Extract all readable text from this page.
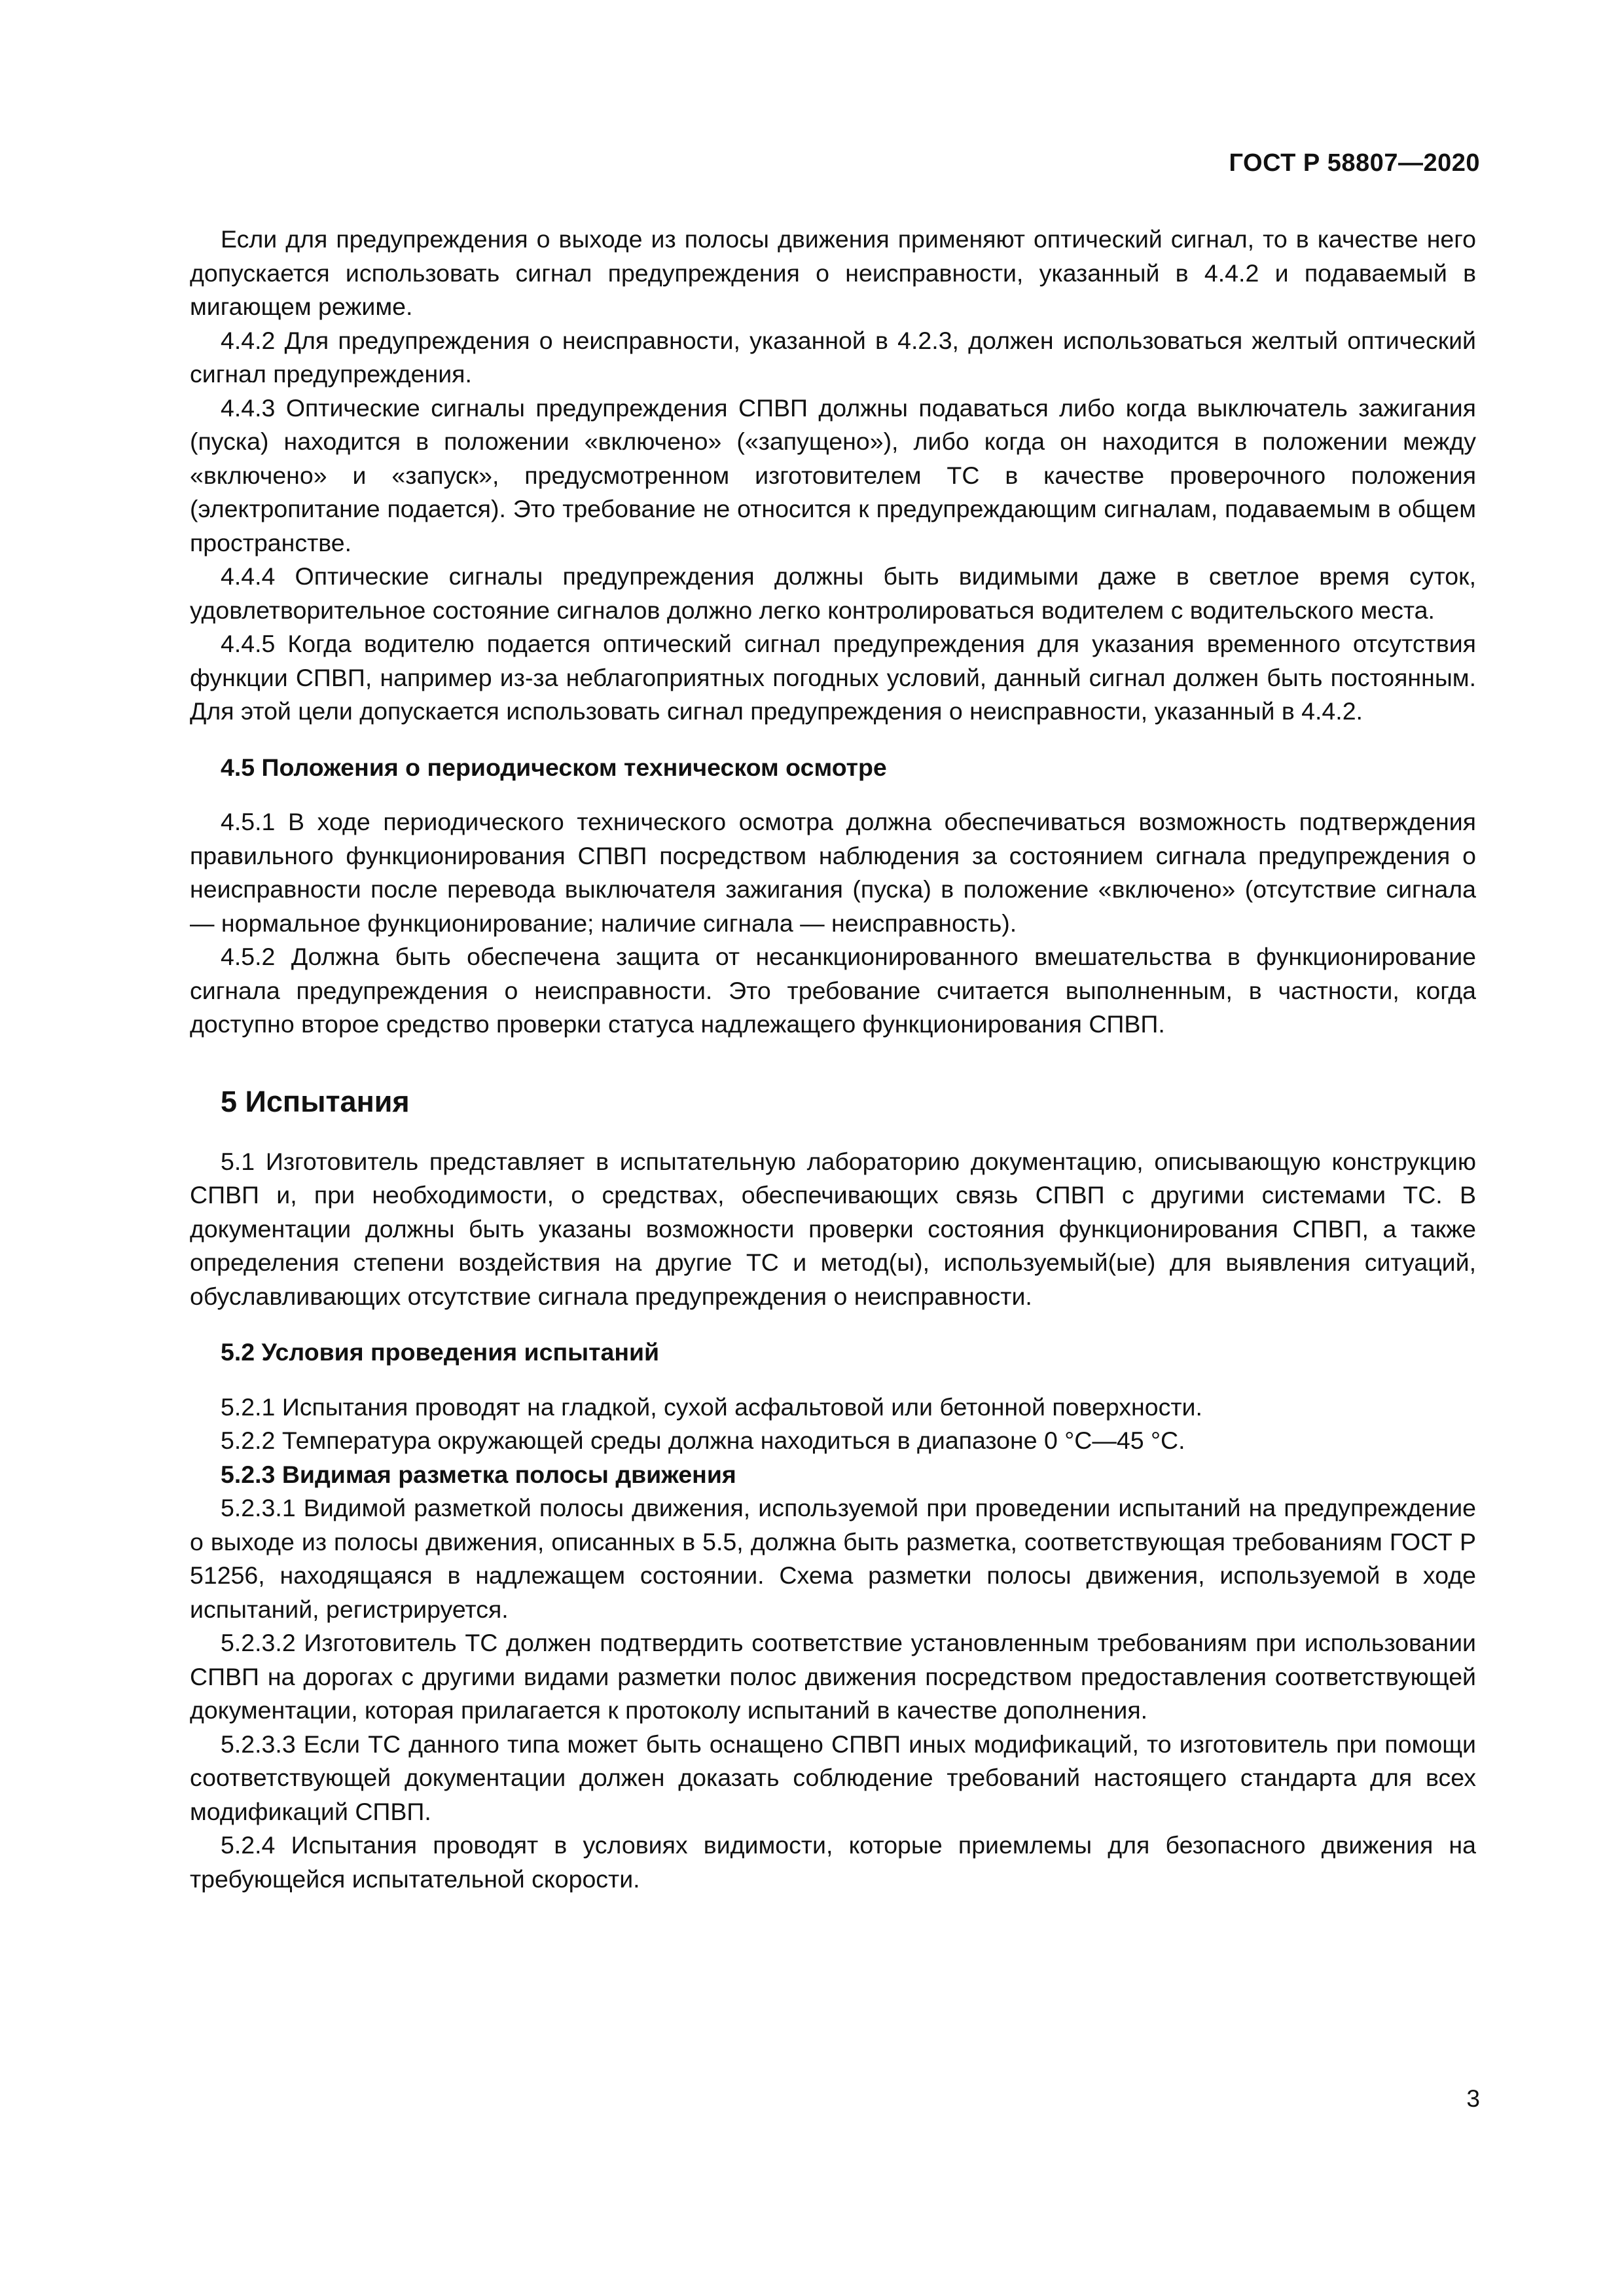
ГОСТ Р 58807—2020

Если для предупреждения о выходе из полосы движения применяют оптический сигнал, то в качестве него допускается использовать сигнал предупреждения о неисправности, указанный в 4.4.2 и подаваемый в мигающем режиме.

4.4.2 Для предупреждения о неисправности, указанной в 4.2.3, должен использоваться желтый оптический сигнал предупреждения.

4.4.3 Оптические сигналы предупреждения СПВП должны подаваться либо когда выключатель зажигания (пуска) находится в положении «включено» («запущено»), либо когда он находится в положении между «включено» и «запуск», предусмотренном изготовителем ТС в качестве проверочного положения (электропитание подается). Это требование не относится к предупреждающим сигналам, подаваемым в общем пространстве.

4.4.4 Оптические сигналы предупреждения должны быть видимыми даже в светлое время суток, удовлетворительное состояние сигналов должно легко контролироваться водителем с водительского места.

4.4.5 Когда водителю подается оптический сигнал предупреждения для указания временного отсутствия функции СПВП, например из-за неблагоприятных погодных условий, данный сигнал должен быть постоянным. Для этой цели допускается использовать сигнал предупреждения о неисправности, указанный в 4.4.2.

4.5 Положения о периодическом техническом осмотре

4.5.1 В ходе периодического технического осмотра должна обеспечиваться возможность подтверждения правильного функционирования СПВП посредством наблюдения за состоянием сигнала предупреждения о неисправности после перевода выключателя зажигания (пуска) в положение «включено» (отсутствие сигнала — нормальное функционирование; наличие сигнала — неисправность).

4.5.2 Должна быть обеспечена защита от несанкционированного вмешательства в функционирование сигнала предупреждения о неисправности. Это требование считается выполненным, в частности, когда доступно второе средство проверки статуса надлежащего функционирования СПВП.

5 Испытания

5.1 Изготовитель представляет в испытательную лабораторию документацию, описывающую конструкцию СПВП и, при необходимости, о средствах, обеспечивающих связь СПВП с другими системами ТС. В документации должны быть указаны возможности проверки состояния функционирования СПВП, а также определения степени воздействия на другие ТС и метод(ы), используемый(ые) для выявления ситуаций, обуславливающих отсутствие сигнала предупреждения о неисправности.

5.2 Условия проведения испытаний

5.2.1 Испытания проводят на гладкой, сухой асфальтовой или бетонной поверхности.

5.2.2 Температура окружающей среды должна находиться в диапазоне 0 °С—45 °С.

5.2.3 Видимая разметка полосы движения

5.2.3.1 Видимой разметкой полосы движения, используемой при проведении испытаний на предупреждение о выходе из полосы движения, описанных в 5.5, должна быть разметка, соответствующая требованиям ГОСТ Р 51256, находящаяся в надлежащем состоянии. Схема разметки полосы движения, используемой в ходе испытаний, регистрируется.

5.2.3.2 Изготовитель ТС должен подтвердить соответствие установленным требованиям при использовании СПВП на дорогах с другими видами разметки полос движения посредством предоставления соответствующей документации, которая прилагается к протоколу испытаний в качестве дополнения.

5.2.3.3 Если ТС данного типа может быть оснащено СПВП иных модификаций, то изготовитель при помощи соответствующей документации должен доказать соблюдение требований настоящего стандарта для всех модификаций СПВП.

5.2.4 Испытания проводят в условиях видимости, которые приемлемы для безопасного движения на требующейся испытательной скорости.

3
